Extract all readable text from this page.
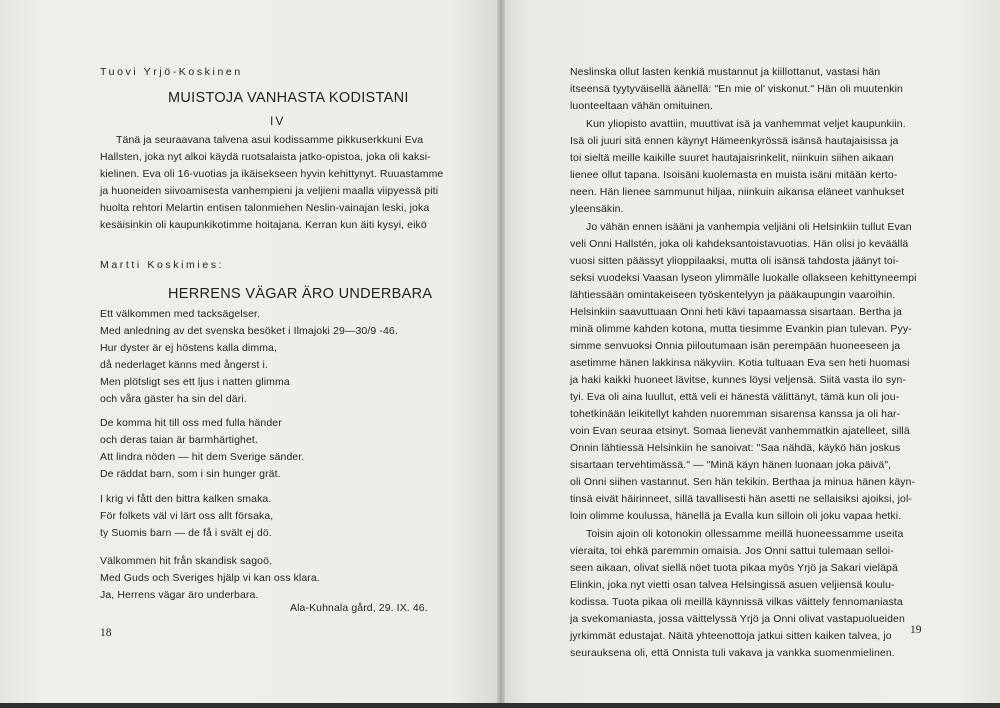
Tuovi Yrjö-Koskinen
MUISTOJA VANHASTA KODISTANI
IV
Tänä ja seuraavana talvena asui kodissamme pikkuserkkuni Eva
Hallsten, joka nyt alkoi käydä ruotsalaista jatko-opistoa, joka oli kaksi-
kielinen. Eva oli 16-vuotias ja ikäisekseen hyvin kehittynyt. Ruuastamme
ja huoneiden siivoamisesta vanhempieni ja veljieni maalla viipyessä piti
huolta rehtori Melartin entisen talonmiehen Neslin-vainajan leski, joka
kesäisinkin oli kaupunkikotimme hoitajana. Kerran kun äiti kysyi, eikö
Martti Koskimies:
HERRENS VÄGAR ÄRO UNDERBARA
Ett välkommen med tacksägelser.
Med anledning av det svenska besöket i Ilmajoki 29—30/9 -46.
Hur dyster är ej höstens kalla dimma,
då nederlaget känns med ångerst i.
Men plötsligt ses ett ljus i natten glimma
och våra gäster ha sin del däri.
De komma hit till oss med fulla händer
och deras taian är barmhärtighet.
Att lindra nöden — hit dem Sverige sänder.
De räddat barn, som i sin hunger grät.
I krig vi fått den bittra kalken smaka.
För folkets väl vi lärt oss allt försaka,
ty Suomis barn — de få i svält ej dö.
Välkommen hit från skandisk sagoö.
Med Guds och Sveriges hjälp vi kan oss klara.
Ja, Herrens vägar äro underbara.
Ala-Kuhnala gård, 29. IX. 46.
18
Neslinska ollut lasten kenkiä mustannut ja kiillottanut, vastasi hän
itseensä tyytyväisellä äänellä: "En mie ol' viskonut." Hän oli muutenkin
luonteeltaan vähän omituinen.
Kun yliopisto avattiin, muuttivat isä ja vanhemmat veljet kaupunkiin.
Isä oli juuri sitä ennen käynyt Hämeenkyrössä isänsä hautajaisissa ja
toi sieltä meille kaikille suuret hautajaisrinkelit, niinkuin siihen aikaan
lienee ollut tapana. Isoisäni kuolemasta en muista isäni mitään kerto-
neen. Hän lienee sammunut hiljaa, niinkuin aikansa eläneet vanhukset
yleensäkin.
Jo vähän ennen isääni ja vanhempia veljiäni oli Helsinkiin tullut Evan
veli Onni Hallstén, joka oli kahdeksantoistavuotias. Hän olisi jo keväällä
vuosi sitten päässyt ylioppilaaksi, mutta oli isänsä tahdosta jäänyt toi-
seksi vuodeksi Vaasan lyseon ylimmälle luokalle ollakseen kehittyneempi
lähtiessään omintakeiseen työskentelyyn ja pääkaupungin vaaroihin.
Helsinkiin saavuttuaan Onni heti kävi tapaamassa sisartaan. Bertha ja
minä olimme kahden kotona, mutta tiesimme Evankin pian tulevan. Pyy-
simme senvuoksi Onnia piiloutumaan isän perempään huoneeseen ja
asetimme hänen lakkinsa näkyviin. Kotia tultuaan Eva sen heti huomasi
ja haki kaikki huoneet lävitse, kunnes löysi veljensä. Siitä vasta ilo syn-
tyi. Eva oli aina luullut, että veli ei hänestä välittänyt, tämä kun oli jou-
tohetkinään leikitellyt kahden nuoremman sisarensa kanssa ja oli har-
voin Evan seuraa etsinyt. Somaa lienevät vanhemmatkin ajatelleet, sillä
Onnin lähtiessä Helsinkiin he sanoivat: "Saa nähdä, käykö hän joskus
sisartaan tervehtimässä." — "Minä käyn hänen luonaan joka päivä",
oli Onni siihen vastannut. Sen hän tekikin. Berthaa ja minua hänen käyn-
tinsä eivät häirinneet, sillä tavallisesti hän asetti ne sellaisiksi ajoiksi, jol-
loin olimme koulussa, hänellä ja Evalla kun silloin oli joku vapaa hetki.
Toisin ajoin oli kotonokin ollessamme meillä huoneessamme useita
vieraita, toi ehkä paremmin omaisia. Jos Onni sattui tulemaan selloi-
seen aikaan, olivat siellä nöet tuota pikaa myös Yrjö ja Sakari vieläpä
Elinkin, joka nyt vietti osan talvea Helsingissä asuen veljiensä koulu-
kodissa. Tuota pikaa oli meillä käynnissä vilkas väittely fennomaniasta
ja svekomaniasta, jossa väittelyssä Yrjö ja Onni olivat vastapuolueiden
jyrkimmät edustajat. Näitä yhteenottoja jatkui sitten kaiken talvea, jo
seurauksena oli, että Onnista tuli vakava ja vankka suomenmielinen.
19
